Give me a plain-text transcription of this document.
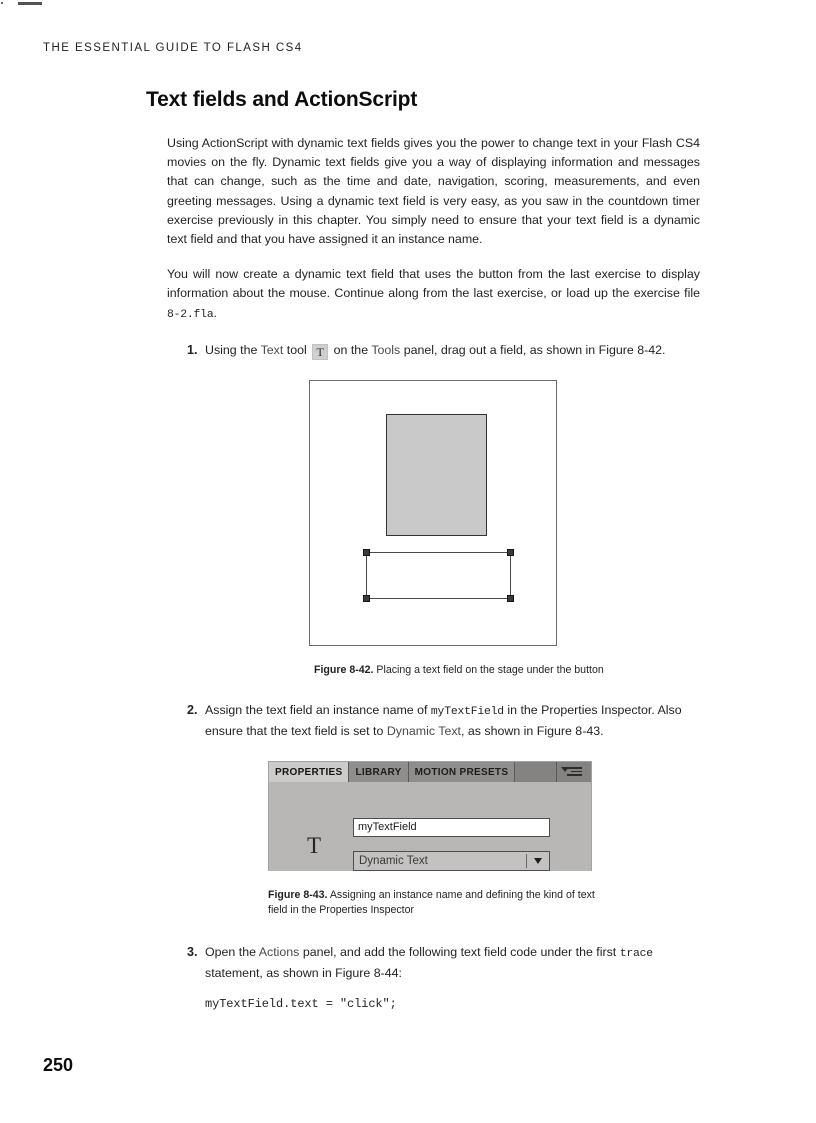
THE ESSENTIAL GUIDE TO FLASH CS4
Text fields and ActionScript

Using ActionScript with dynamic text fields gives you the power to change text in your Flash CS4 movies on the fly. Dynamic text fields give you a way of displaying information and messages that can change, such as the time and date, navigation, scoring, measurements, and even greeting messages. Using a dynamic text field is very easy, as you saw in the countdown timer exercise previously in this chapter. You simply need to ensure that your text field is a dynamic text field and that you have assigned it an instance name.

You will now create a dynamic text field that uses the button from the last exercise to display information about the mouse. Continue along from the last exercise, or load up the exercise file 8-2.fla.

1. Using the Text tool T on the Tools panel, drag out a field, as shown in Figure 8-42.
Figure 8-42. Placing a text field on the stage under the button
2. Assign the text field an instance name of myTextField in the Properties Inspector. Also ensure that the text field is set to Dynamic Text, as shown in Figure 8-43.
PROPERTIES	LIBRARY	MOTION PRESETS
T
myTextField
Dynamic Text
Figure 8-43. Assigning an instance name and defining the kind of text field in the Properties Inspector
3. Open the Actions panel, and add the following text field code under the first trace statement, as shown in Figure 8-44:
myTextField.text = "click";
250
